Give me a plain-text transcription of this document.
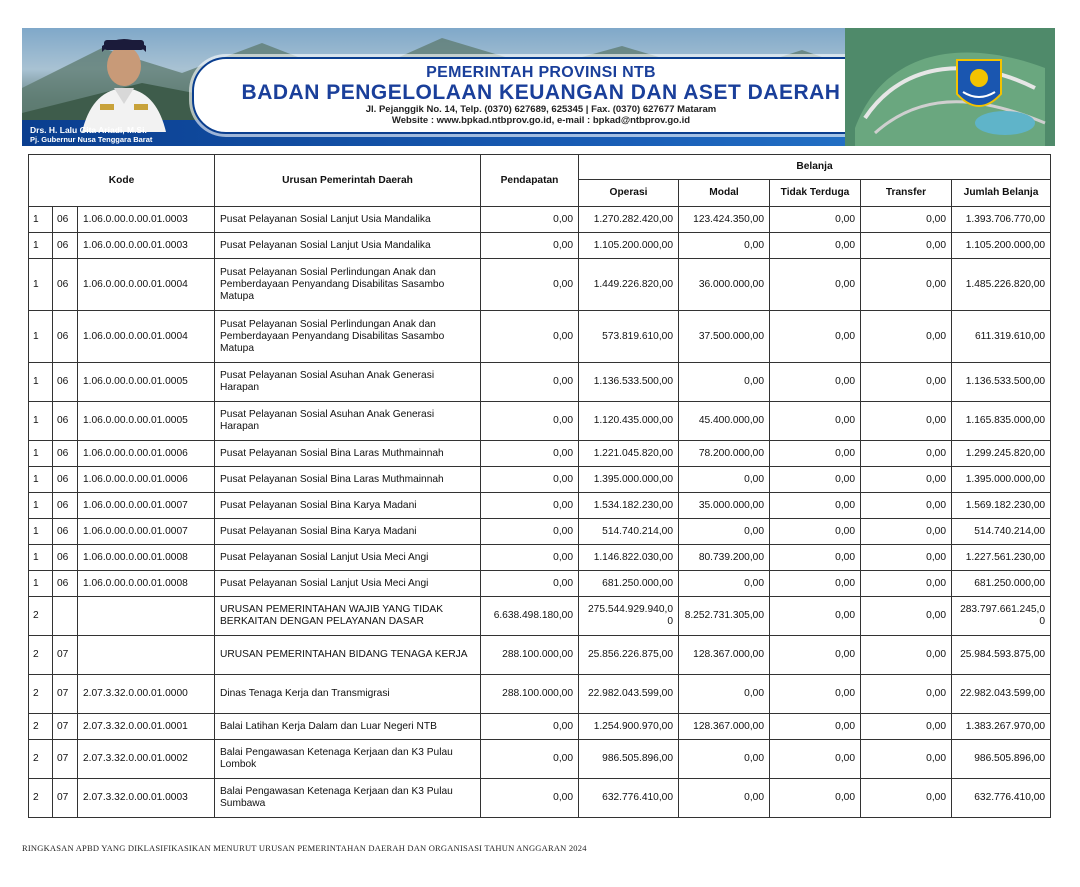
Drs. H. Lalu Gita Ariadi, M.Si.
Pj. Gubernur Nusa Tenggara Barat
PEMERINTAH PROVINSI NTB
BADAN PENGELOLAAN KEUANGAN DAN ASET DAERAH
Jl. Pejanggik No. 14, Telp. (0370) 627689, 625345 | Fax. (0370) 627677 Mataram
Website : www.bpkad.ntbprov.go.id, e-mail : bpkad@ntbprov.go.id
Kode			Urusan Pemerintah Daerah	Pendapatan	Belanja				
					Operasi	Modal	Tidak Terduga	Transfer	Jumlah Belanja
1	06	1.06.0.00.0.00.01.0003	Pusat Pelayanan Sosial Lanjut Usia Mandalika	0,00	1.270.282.420,00	123.424.350,00	0,00	0,00	1.393.706.770,00
1	06	1.06.0.00.0.00.01.0003	Pusat Pelayanan Sosial Lanjut Usia Mandalika	0,00	1.105.200.000,00	0,00	0,00	0,00	1.105.200.000,00
1	06	1.06.0.00.0.00.01.0004	Pusat Pelayanan Sosial Perlindungan Anak dan Pemberdayaan Penyandang Disabilitas Sasambo Matupa	0,00	1.449.226.820,00	36.000.000,00	0,00	0,00	1.485.226.820,00
1	06	1.06.0.00.0.00.01.0004	Pusat Pelayanan Sosial Perlindungan Anak dan Pemberdayaan Penyandang Disabilitas Sasambo Matupa	0,00	573.819.610,00	37.500.000,00	0,00	0,00	611.319.610,00
1	06	1.06.0.00.0.00.01.0005	Pusat Pelayanan Sosial Asuhan Anak Generasi Harapan	0,00	1.136.533.500,00	0,00	0,00	0,00	1.136.533.500,00
1	06	1.06.0.00.0.00.01.0005	Pusat Pelayanan Sosial Asuhan Anak Generasi Harapan	0,00	1.120.435.000,00	45.400.000,00	0,00	0,00	1.165.835.000,00
1	06	1.06.0.00.0.00.01.0006	Pusat Pelayanan Sosial Bina Laras Muthmainnah	0,00	1.221.045.820,00	78.200.000,00	0,00	0,00	1.299.245.820,00
1	06	1.06.0.00.0.00.01.0006	Pusat Pelayanan Sosial Bina Laras Muthmainnah	0,00	1.395.000.000,00	0,00	0,00	0,00	1.395.000.000,00
1	06	1.06.0.00.0.00.01.0007	Pusat Pelayanan Sosial Bina Karya Madani	0,00	1.534.182.230,00	35.000.000,00	0,00	0,00	1.569.182.230,00
1	06	1.06.0.00.0.00.01.0007	Pusat Pelayanan Sosial Bina Karya Madani	0,00	514.740.214,00	0,00	0,00	0,00	514.740.214,00
1	06	1.06.0.00.0.00.01.0008	Pusat Pelayanan Sosial Lanjut Usia Meci Angi	0,00	1.146.822.030,00	80.739.200,00	0,00	0,00	1.227.561.230,00
1	06	1.06.0.00.0.00.01.0008	Pusat Pelayanan Sosial Lanjut Usia Meci Angi	0,00	681.250.000,00	0,00	0,00	0,00	681.250.000,00
2			URUSAN PEMERINTAHAN WAJIB YANG TIDAK BERKAITAN DENGAN PELAYANAN DASAR	6.638.498.180,00	275.544.929.940,00	8.252.731.305,00	0,00	0,00	283.797.661.245,00
2	07		URUSAN PEMERINTAHAN BIDANG TENAGA KERJA	288.100.000,00	25.856.226.875,00	128.367.000,00	0,00	0,00	25.984.593.875,00
2	07	2.07.3.32.0.00.01.0000	Dinas Tenaga Kerja dan Transmigrasi	288.100.000,00	22.982.043.599,00	0,00	0,00	0,00	22.982.043.599,00
2	07	2.07.3.32.0.00.01.0001	Balai Latihan Kerja Dalam dan Luar Negeri NTB	0,00	1.254.900.970,00	128.367.000,00	0,00	0,00	1.383.267.970,00
2	07	2.07.3.32.0.00.01.0002	Balai Pengawasan Ketenaga Kerjaan dan K3 Pulau Lombok	0,00	986.505.896,00	0,00	0,00	0,00	986.505.896,00
2	07	2.07.3.32.0.00.01.0003	Balai Pengawasan Ketenaga Kerjaan dan K3 Pulau Sumbawa	0,00	632.776.410,00	0,00	0,00	0,00	632.776.410,00
RINGKASAN APBD YANG DIKLASIFIKASIKAN MENURUT URUSAN PEMERINTAHAN DAERAH DAN ORGANISASI TAHUN ANGGARAN 2024
